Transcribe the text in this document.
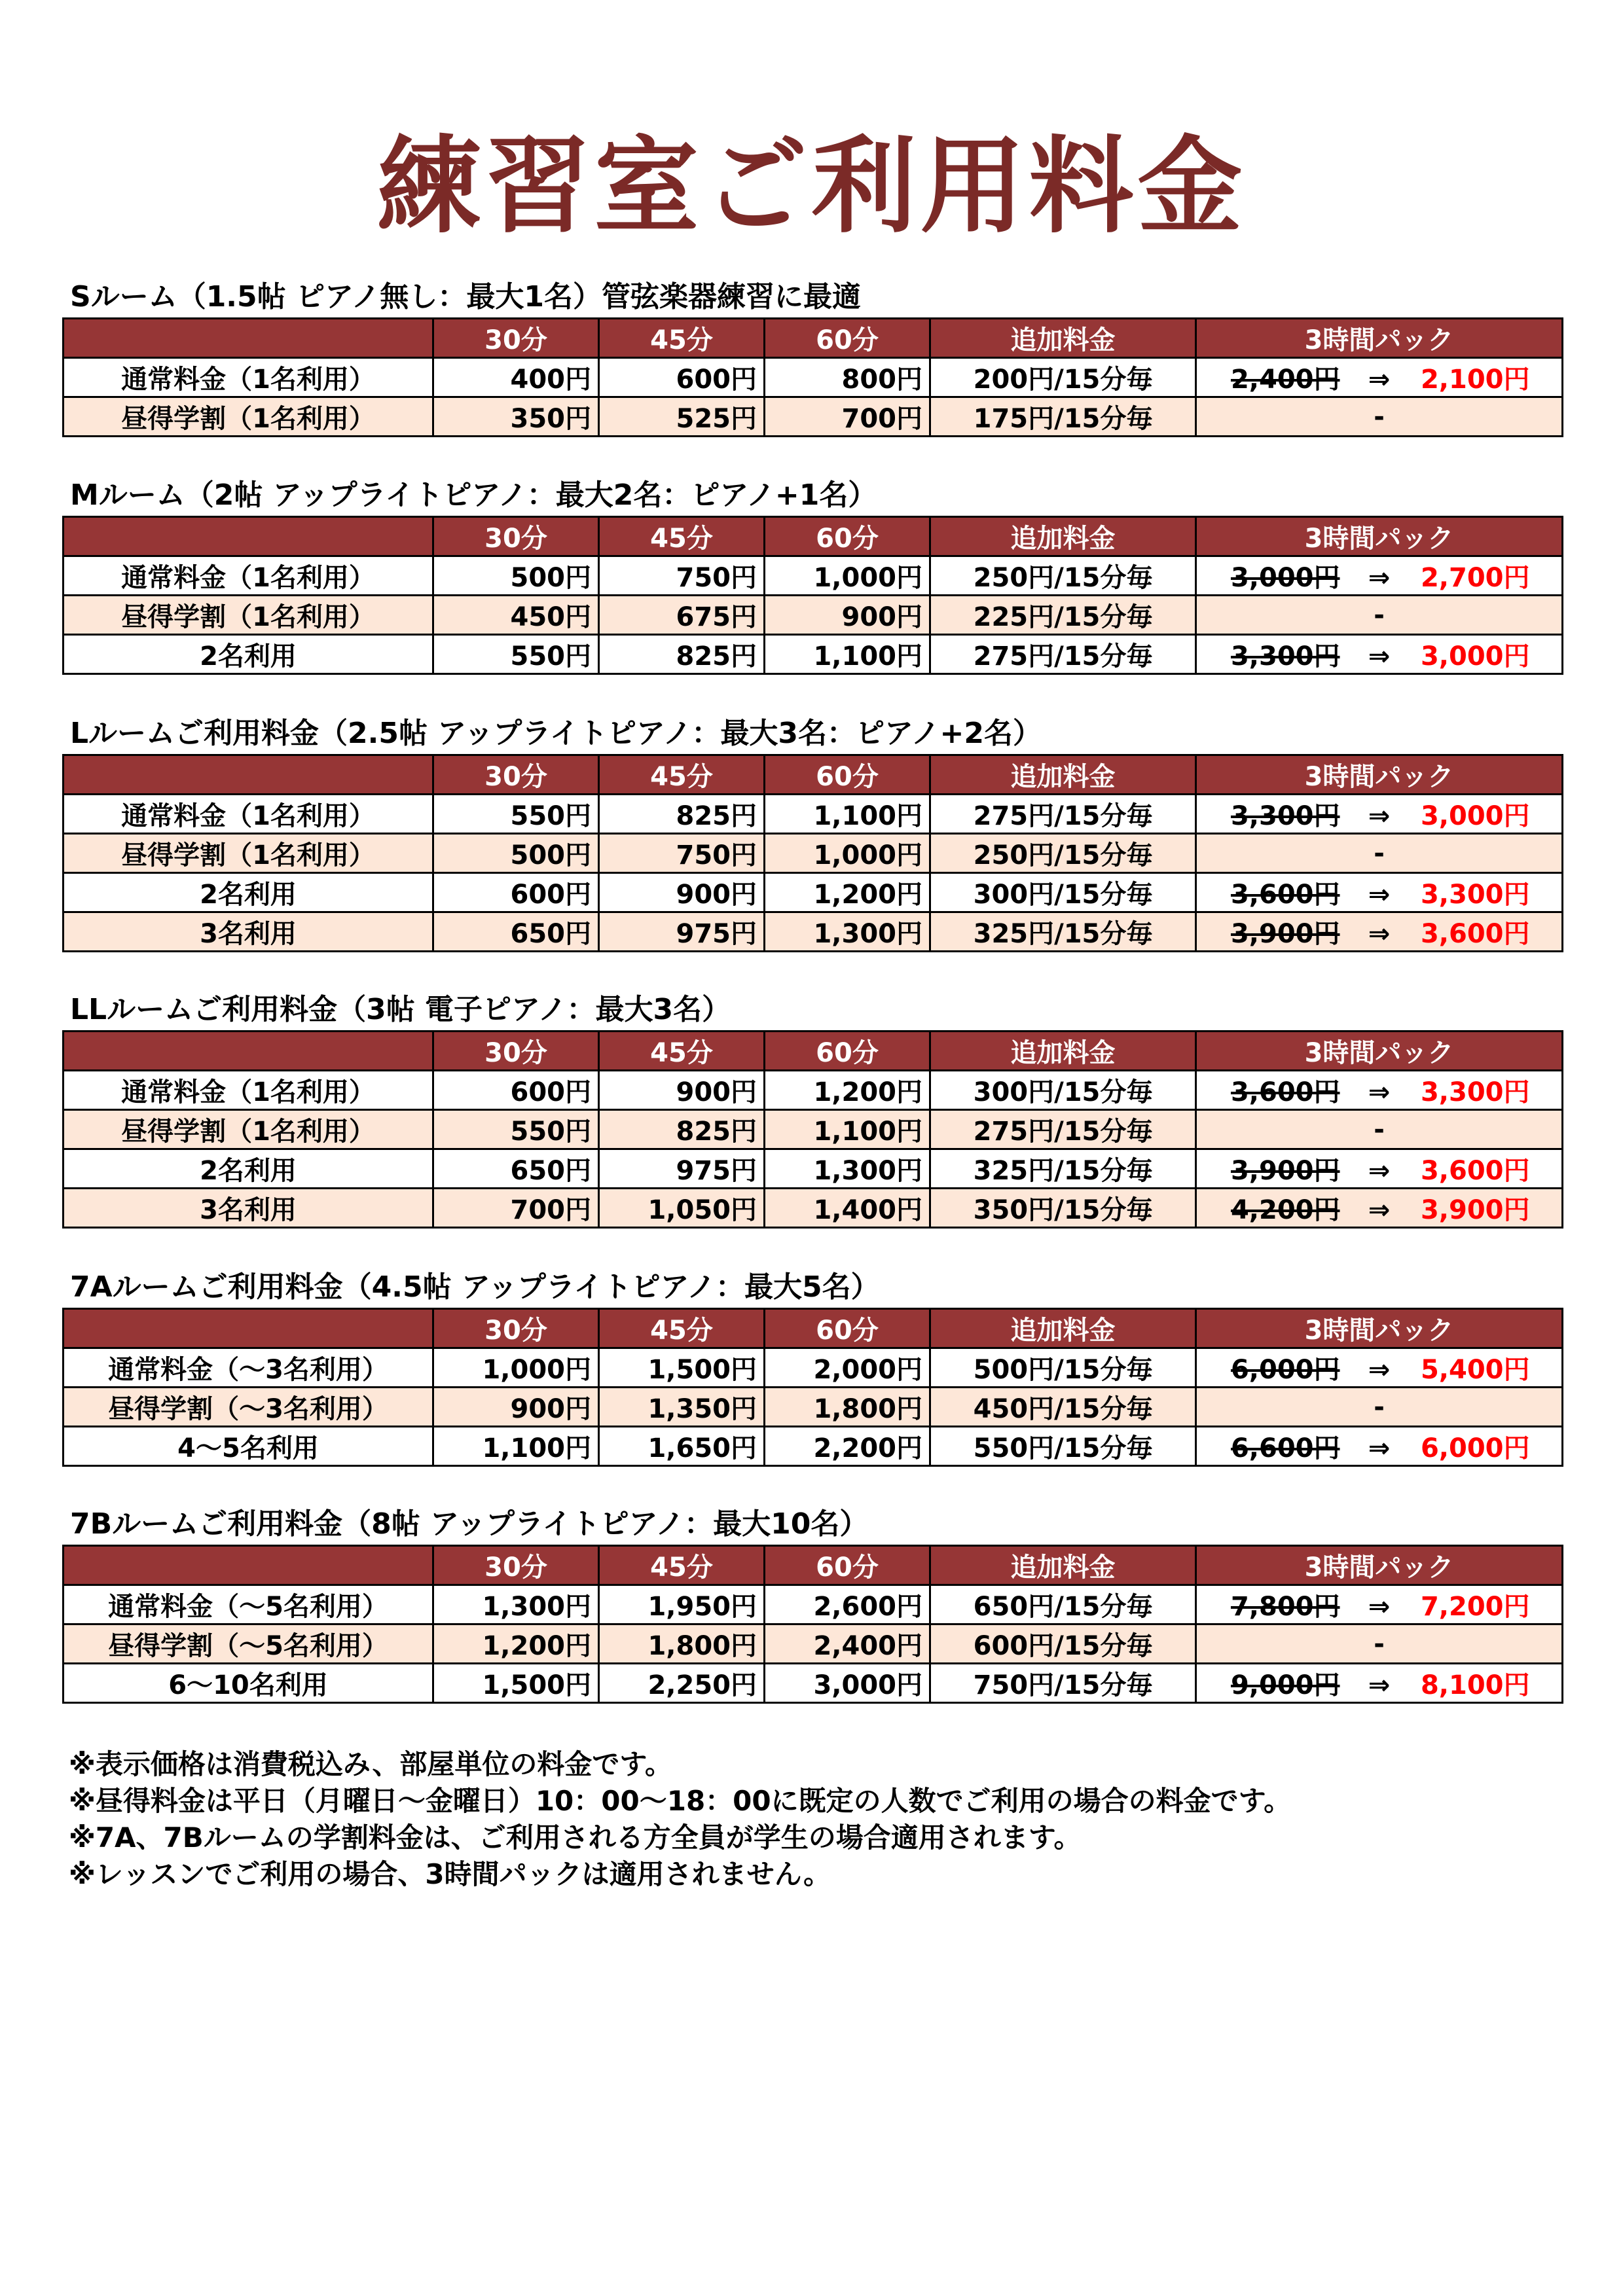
練習室ご利用料金
Sルーム（1.5帖 ピアノ無し：最大1名）管弦楽器練習に最適
	30分	45分	60分	追加料金	3時間パック
通常料金（1名利用）	400円	600円	800円	200円/15分毎	2,400円 ⇒ 2,100円
昼得学割（1名利用）	350円	525円	700円	175円/15分毎	-
Mルーム（2帖 アップライトピアノ：最大2名：ピアノ+1名）
	30分	45分	60分	追加料金	3時間パック
通常料金（1名利用）	500円	750円	1,000円	250円/15分毎	3,000円 ⇒ 2,700円
昼得学割（1名利用）	450円	675円	900円	225円/15分毎	-
2名利用	550円	825円	1,100円	275円/15分毎	3,300円 ⇒ 3,000円
Lルームご利用料金（2.5帖 アップライトピアノ：最大3名：ピアノ+2名）
	30分	45分	60分	追加料金	3時間パック
通常料金（1名利用）	550円	825円	1,100円	275円/15分毎	3,300円 ⇒ 3,000円
昼得学割（1名利用）	500円	750円	1,000円	250円/15分毎	-
2名利用	600円	900円	1,200円	300円/15分毎	3,600円 ⇒ 3,300円
3名利用	650円	975円	1,300円	325円/15分毎	3,900円 ⇒ 3,600円
LLルームご利用料金（3帖 電子ピアノ：最大3名）
	30分	45分	60分	追加料金	3時間パック
通常料金（1名利用）	600円	900円	1,200円	300円/15分毎	3,600円 ⇒ 3,300円
昼得学割（1名利用）	550円	825円	1,100円	275円/15分毎	-
2名利用	650円	975円	1,300円	325円/15分毎	3,900円 ⇒ 3,600円
3名利用	700円	1,050円	1,400円	350円/15分毎	4,200円 ⇒ 3,900円
7Aルームご利用料金（4.5帖 アップライトピアノ：最大5名）
	30分	45分	60分	追加料金	3時間パック
通常料金（～3名利用）	1,000円	1,500円	2,000円	500円/15分毎	6,000円 ⇒ 5,400円
昼得学割（～3名利用）	900円	1,350円	1,800円	450円/15分毎	-
4～5名利用	1,100円	1,650円	2,200円	550円/15分毎	6,600円 ⇒ 6,000円
7Bルームご利用料金（8帖 アップライトピアノ：最大10名）
	30分	45分	60分	追加料金	3時間パック
通常料金（～5名利用）	1,300円	1,950円	2,600円	650円/15分毎	7,800円 ⇒ 7,200円
昼得学割（～5名利用）	1,200円	1,800円	2,400円	600円/15分毎	-
6～10名利用	1,500円	2,250円	3,000円	750円/15分毎	9,000円 ⇒ 8,100円
※表示価格は消費税込み、部屋単位の料金です。
※昼得料金は平日（月曜日～金曜日）10：00～18：00に既定の人数でご利用の場合の料金です。
※7A、7Bルームの学割料金は、ご利用される方全員が学生の場合適用されます。
※レッスンでご利用の場合、3時間パックは適用されません。
